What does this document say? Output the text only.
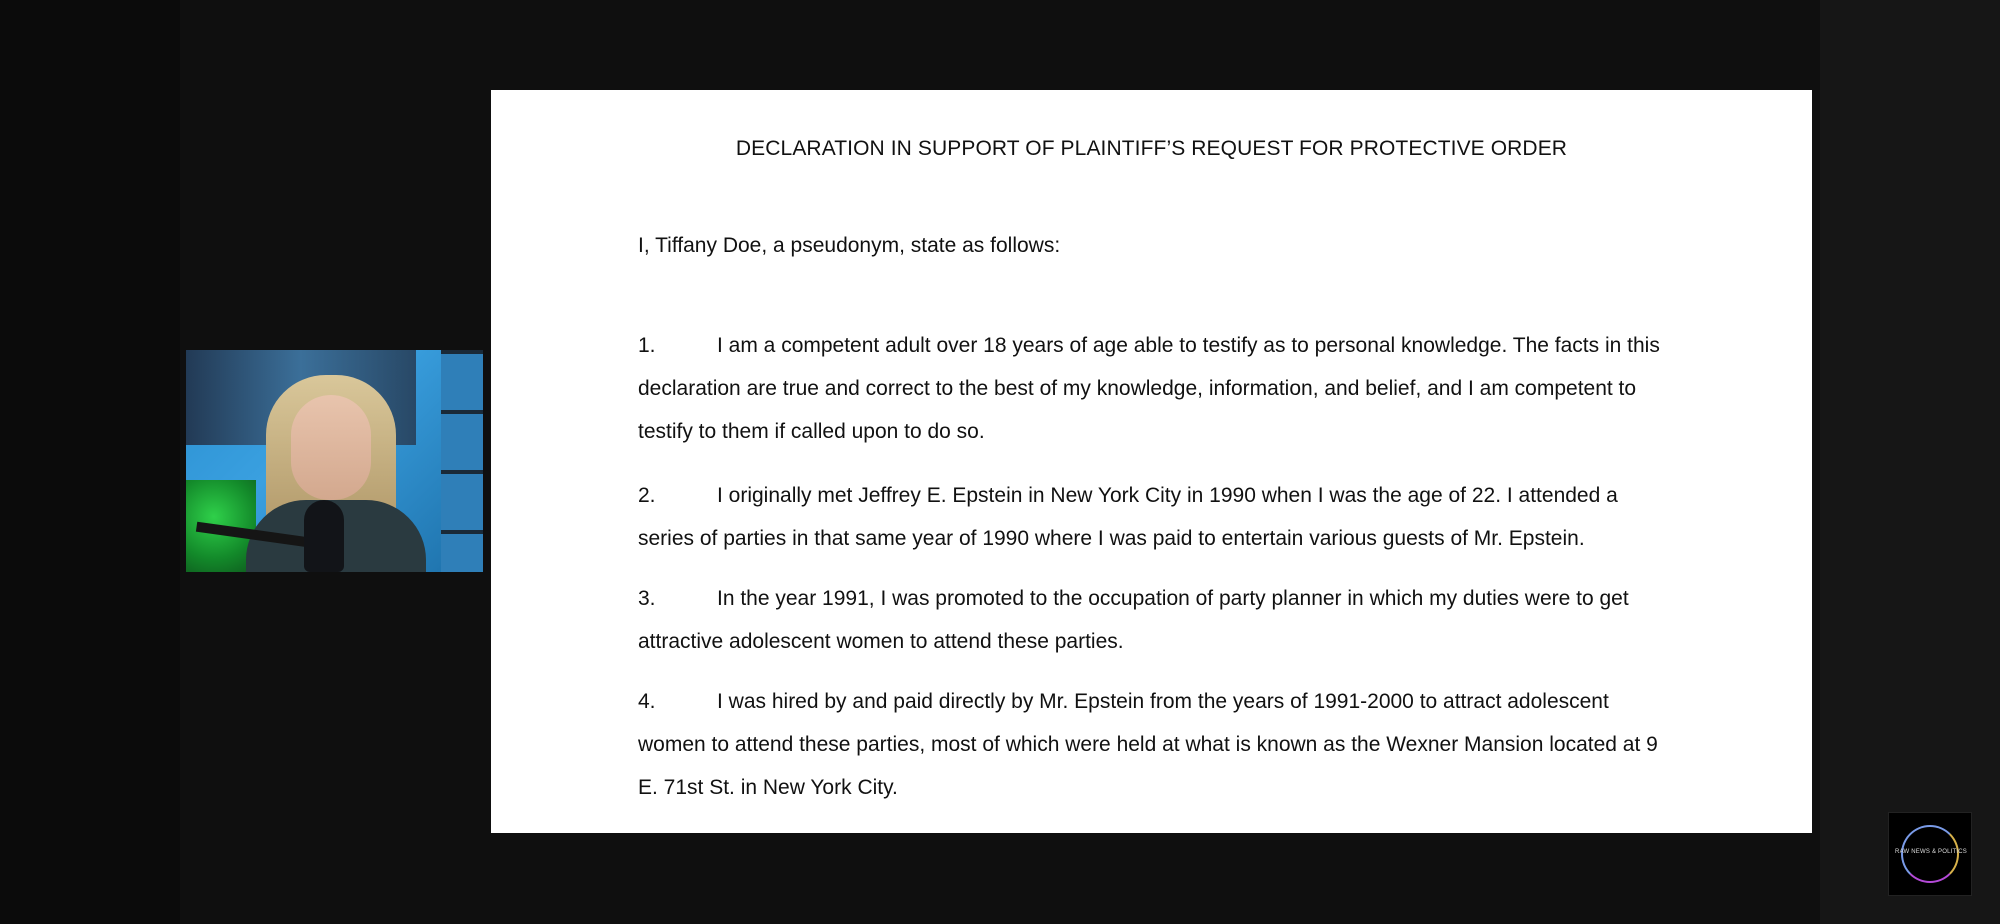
DECLARATION IN SUPPORT OF PLAINTIFF’S REQUEST FOR PROTECTIVE ORDER
I, Tiffany Doe, a pseudonym, state as follows:
1.	I am a competent adult over 18 years of age able to testify as to personal knowledge. The facts in this declaration are true and correct to the best of my knowledge, information, and belief, and I am competent to testify to them if called upon to do so.
2.	I originally met Jeffrey E. Epstein in New York City in 1990 when I was the age of 22. I attended a series of parties in that same year of 1990 where I was paid to entertain various guests of Mr. Epstein.
3.	In the year 1991, I was promoted to the occupation of party planner in which my duties were to get attractive adolescent women to attend these parties.
4.	I was hired by and paid directly by Mr. Epstein from the years of 1991-2000 to attract adolescent women to attend these parties, most of which were held at what is known as the Wexner Mansion located at 9 E. 71st St. in New York City.
RAW NEWS & POLITICS
